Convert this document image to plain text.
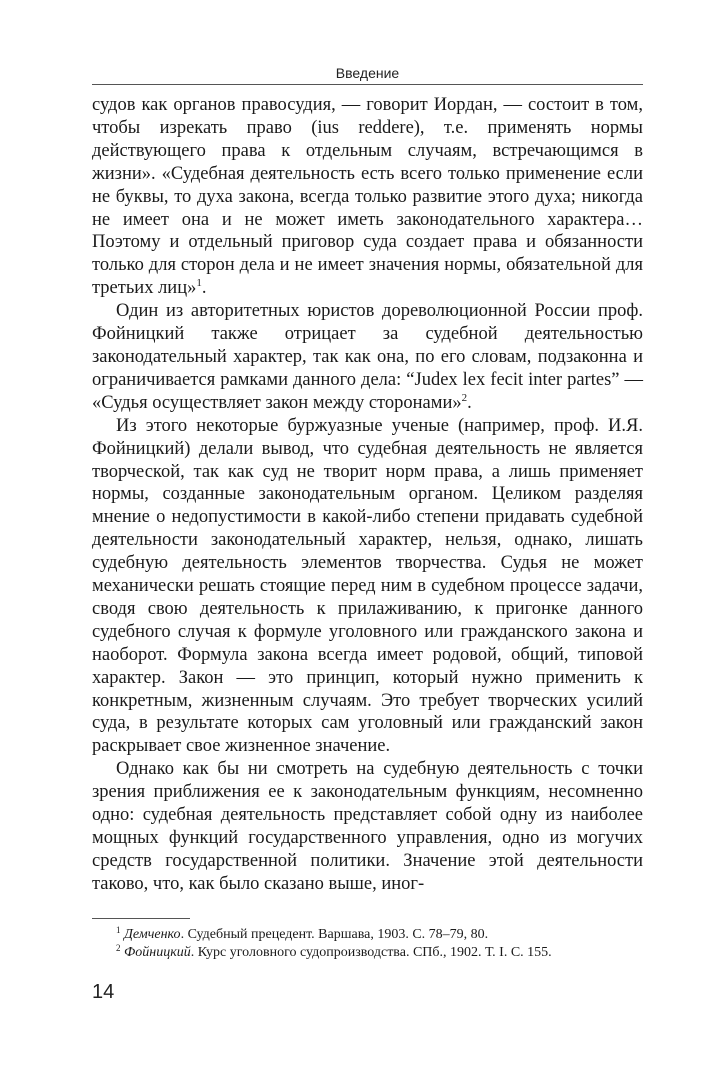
Введение

судов как органов правосудия, — говорит Иордан, — состоит в том, чтобы изрекать право (ius reddere), т.е. применять нормы действующего права к отдельным случаям, встречающимся в жизни». «Судебная деятельность есть всего только применение если не буквы, то духа закона, всегда только развитие этого духа; никогда не имеет она и не может иметь законодательного характера… Поэтому и отдельный приговор суда создает права и обязанности только для сторон дела и не имеет значения нормы, обязательной для третьих лиц»$^1$.

Один из авторитетных юристов дореволюционной России проф. Фойницкий также отрицает за судебной деятельностью законодательный характер, так как она, по его словам, подзаконна и ограничивается рамками данного дела: “Judex lex fecit inter partes” — «Судья осуществляет закон между сторонами»$^2$.

Из этого некоторые буржуазные ученые (например, проф. И.Я. Фойницкий) делали вывод, что судебная деятельность не является творческой, так как суд не творит норм права, а лишь применяет нормы, созданные законодательным органом. Целиком разделяя мнение о недопустимости в какой-либо степени придавать судебной деятельности законодательный характер, нельзя, однако, лишать судебную деятельность элементов творчества. Судья не может механически решать стоящие перед ним в судебном процессе задачи, сводя свою деятельность к прилаживанию, к пригонке данного судебного случая к формуле уголовного или гражданского закона и наоборот. Формула закона всегда имеет родовой, общий, типовой характер. Закон — это принцип, который нужно применить к конкретным, жизненным случаям. Это требует творческих усилий суда, в результате которых сам уголовный или гражданский закон раскрывает свое жизненное значение.

Однако как бы ни смотреть на судебную деятельность с точки зрения приближения ее к законодательным функциям, несомненно одно: судебная деятельность представляет собой одну из наиболее мощных функций государственного управления, одно из могучих средств государственной политики. Значение этой деятельности таково, что, как было сказано выше, иног-

$^1$ Демченко. Судебный прецедент. Варшава, 1903. С. 78–79, 80.
$^2$ Фойницкий. Курс уголовного судопроизводства. СПб., 1902. Т. I. С. 155.
14
